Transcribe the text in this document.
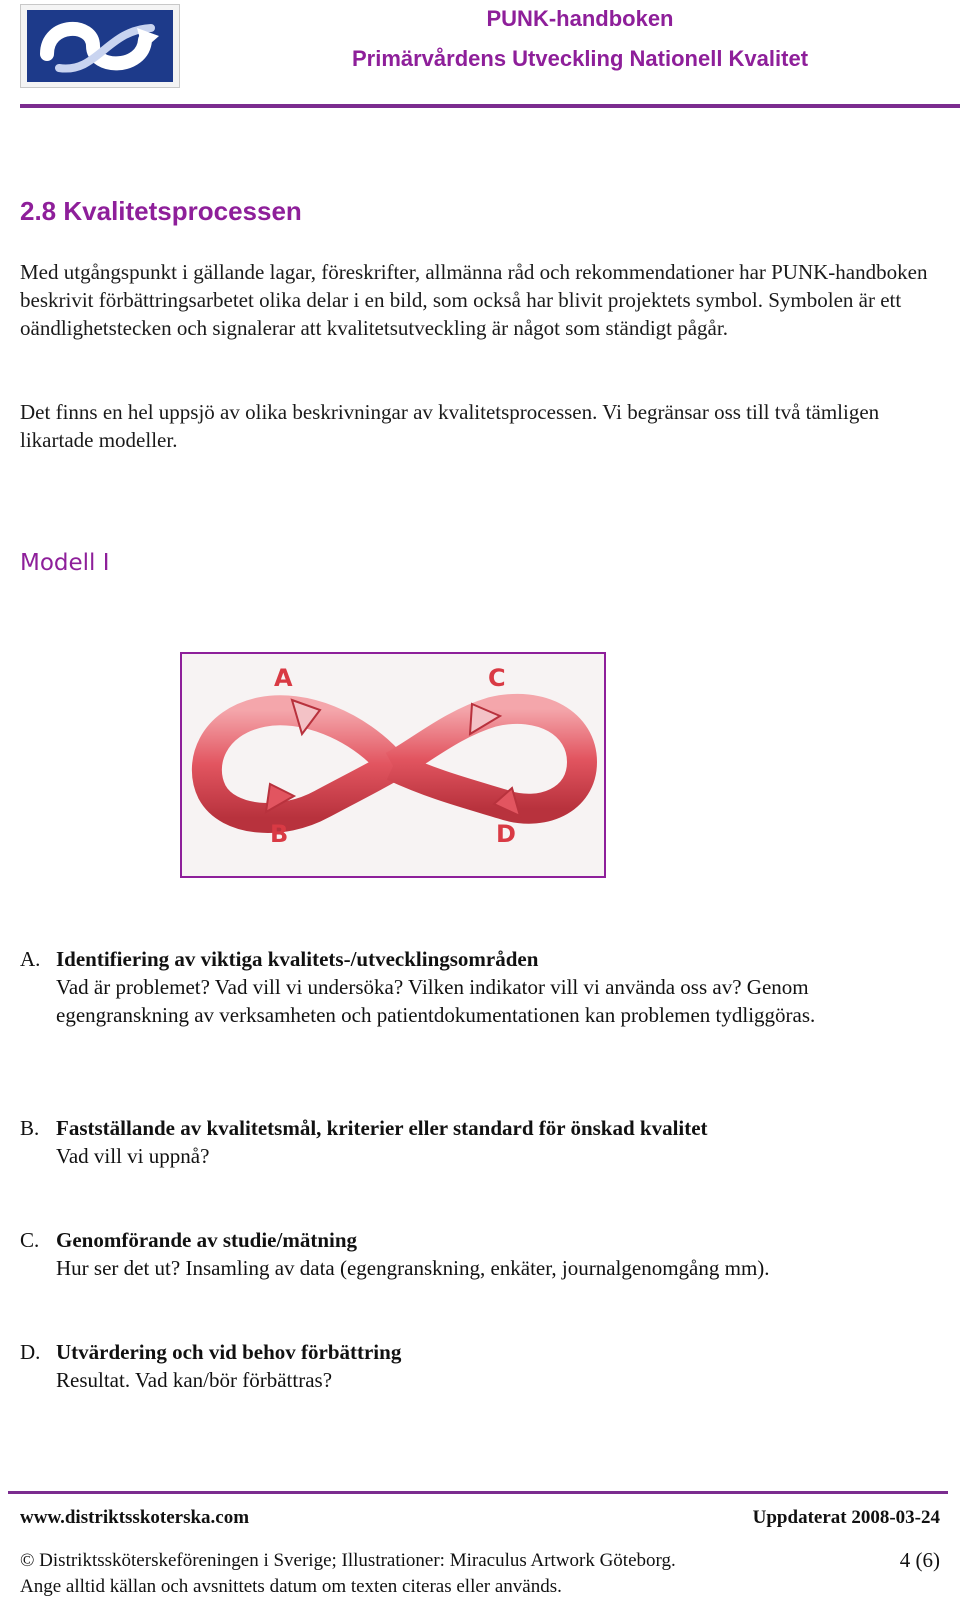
PUNK-handboken
Primärvårdens Utveckling Nationell Kvalitet
2.8 Kvalitetsprocessen
Med utgångspunkt i gällande lagar, föreskrifter, allmänna råd och rekommendationer har PUNK-handboken beskrivit förbättringsarbetet olika delar i en bild, som också har blivit projektets symbol. Symbolen är ett oändlighetstecken och signalerar att kvalitetsutveckling är något som ständigt pågår.
Det finns en hel uppsjö av olika beskrivningar av kvalitetsprocessen. Vi begränsar oss till två tämligen likartade modeller.
Modell I
A	C
B	D
A. Identifiering av viktiga kvalitets-/utvecklingsområden
Vad är problemet? Vad vill vi undersöka? Vilken indikator vill vi använda oss av? Genom egengranskning av verksamheten och patientdokumentationen kan problemen tydliggöras.
B. Fastställande av kvalitetsmål, kriterier eller standard för önskad kvalitet
Vad vill vi uppnå?
C. Genomförande av studie/mätning
Hur ser det ut? Insamling av data (egengranskning, enkäter, journalgenomgång mm).
D. Utvärdering och vid behov förbättring
Resultat. Vad kan/bör förbättras?
www.distriktsskoterska.com	Uppdaterat 2008-03-24
© Distriktssköterskeföreningen i Sverige; Illustrationer: Miraculus Artwork Göteborg.
Ange alltid källan och avsnittets datum om texten citeras eller används.
4 (6)
